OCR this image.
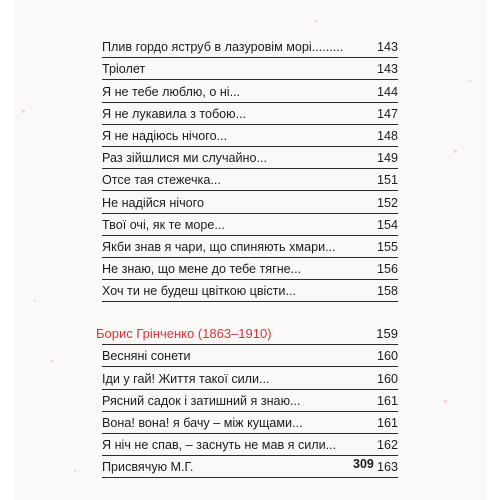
Плив гордо яструб в лазуровім морі.........	143
Тріолет	143
Я не тебе люблю, о ні...	144
Я не лукавила з тобою...	147
Я не надіюсь нічого...	148
Раз зійшлися ми случайно...	149
Отсе тая стежечка...	151
Не надійся нічого	152
Твої очі, як те море...	154
Якби знав я чари, що спиняють хмари...	155
Не знаю, що мене до тебе тягне...	156
Хоч ти не будеш цвіткою цвісти...	158
Борис Грінченко (1863–1910)	159
Весняні сонети	160
Іди у гай! Життя такої сили...	160
Рясний садок і затишний я знаю...	161
Вона! вона! я бачу – між кущами...	161
Я ніч не спав, – заснуть не мав я сили...	162
Присвячую М.Г.	163
309
